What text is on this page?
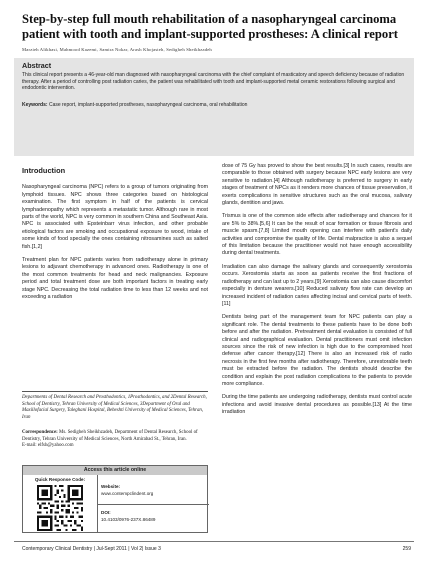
Step-by-step full mouth rehabilitation of a nasopharyngeal carcinoma patient with tooth and implant-supported prostheses: A clinical report
Marzieh Alikhasi, Mahmood Kazemi, Samira Nokar, Arash Khojasteh, Sedigheh Sheikhzadeh
Abstract

This clinical report presents a 46-year-old man diagnosed with nasopharyngeal carcinoma with the chief complaint of masticatory and speech deficiency because of radiation therapy. After a period of controlling post radiation caries, the patient was rehabilitated with tooth and implant-supported metal ceramic restorations following surgical and endodontic intervention.

Keywords: Case report, implant-supported prostheses, nasopharyngeal carcinoma, oral rehabilitation
Introduction

Nasopharyngeal carcinoma (NPC) refers to a group of tumors originating from lymphoid tissues. NPC shows three categories based on histological examination. The first symptom in half of the patients is cervical lymphadenopathy which represents a metastatic tumor. Although rare in most parts of the world, NPC is very common in southern China and Southeast Asia. NPC is associated with Epsteinbarr virus infection, and other probable etiological factors are smoking and occupational exposure to wood, intake of some kinds of food specially the ones containing nitrosamines such as salted fish.[1,2]

Treatment plan for NPC patients varies from radiotherapy alone in primary lesions to adjuvant chemotherapy in advanced ones. Radiotherapy is one of the most common treatments for head and neck malignancies. Exposure period and total treatment dose are both important factors in treating early stage NPC. Decreasing the total radiation time to less than 12 weeks and not exceeding a radiation

Departments of Dental Research and Prosthodontics, 1Prosthodontics, and 2Dental Research, School of Dentistry, Tehran University of Medical Sciences, 3Department of Oral and Maxillofacial Surgery, Taleghani Hospital, Beheshti University of Medical Sciences, Tehran, Iran

Correspondence: Ms. Sedigheh Sheikhzadeh, Department of Dental Research, School of Dentistry, Tehran University of Medical Sciences, North Amirabad St., Tehran, Iran.
E-mail: elfsh@yahoo.com

Access this article online
Quick Response Code:
Website:
www.contempclindent.org
DOI:
10.4103/0976-237X.86489

dose of 75 Gy has proved to show the best results.[3] In such cases, results are comparable to those obtained with surgery because NPC early lesions are very sensitive to radiation.[4] Although radiotherapy is preferred to surgery in early stages of treatment of NPCs as it renders more chances of tissue preservation, it exerts complications in sensitive structures such as the oral mucosa, salivary glands, dentition and jaws.

Trismus is one of the common side effects after radiotherapy and chances for it are 5% to 38%.[5,6] It can be the result of scar formation or tissue fibrosis and muscle spasm.[7,8] Limited mouth opening can interfere with patient's daily activities and compromise the quality of life. Dental malpractice is also a sequel of this limitation because the practitioner would not have enough accessibility during dental treatments.

Irradiation can also damage the salivary glands and consequently xerostomia occurs. Xerostomia starts as soon as patients receive the first fractions of radiotherapy and can last up to 2 years.[9] Xerostomia can also cause discomfort especially in denture wearers.[10] Reduced salivary flow rate can develop an increased incident of radiation caries affecting incisal and cervical parts of teeth.[11]

Dentists being part of the management team for NPC patients can play a significant role. The dental treatments to these patients have to be done both before and after the radiation. Pretreatment dental evaluation is consisted of full clinical and radiographical evaluation. Dental practitioners must omit infection sources since the risk of new infection is high due to the compromised host defense after cancer therapy.[12] There is also an increased risk of radio necrosis in the first few months after radiotherapy. Therefore, unrestorable teeth must be extracted before the radiation. The dentists should describe the condition and explain the post radiation complications to the patients to provide more compliance.

During the time patients are undergoing radiotherapy, dentists must control acute infections and avoid invasive dental procedures as possible.[13] At the time irradiation

Contemporary Clinical Dentistry | Jul-Sept 2011 | Vol 2| Issue 3	259
